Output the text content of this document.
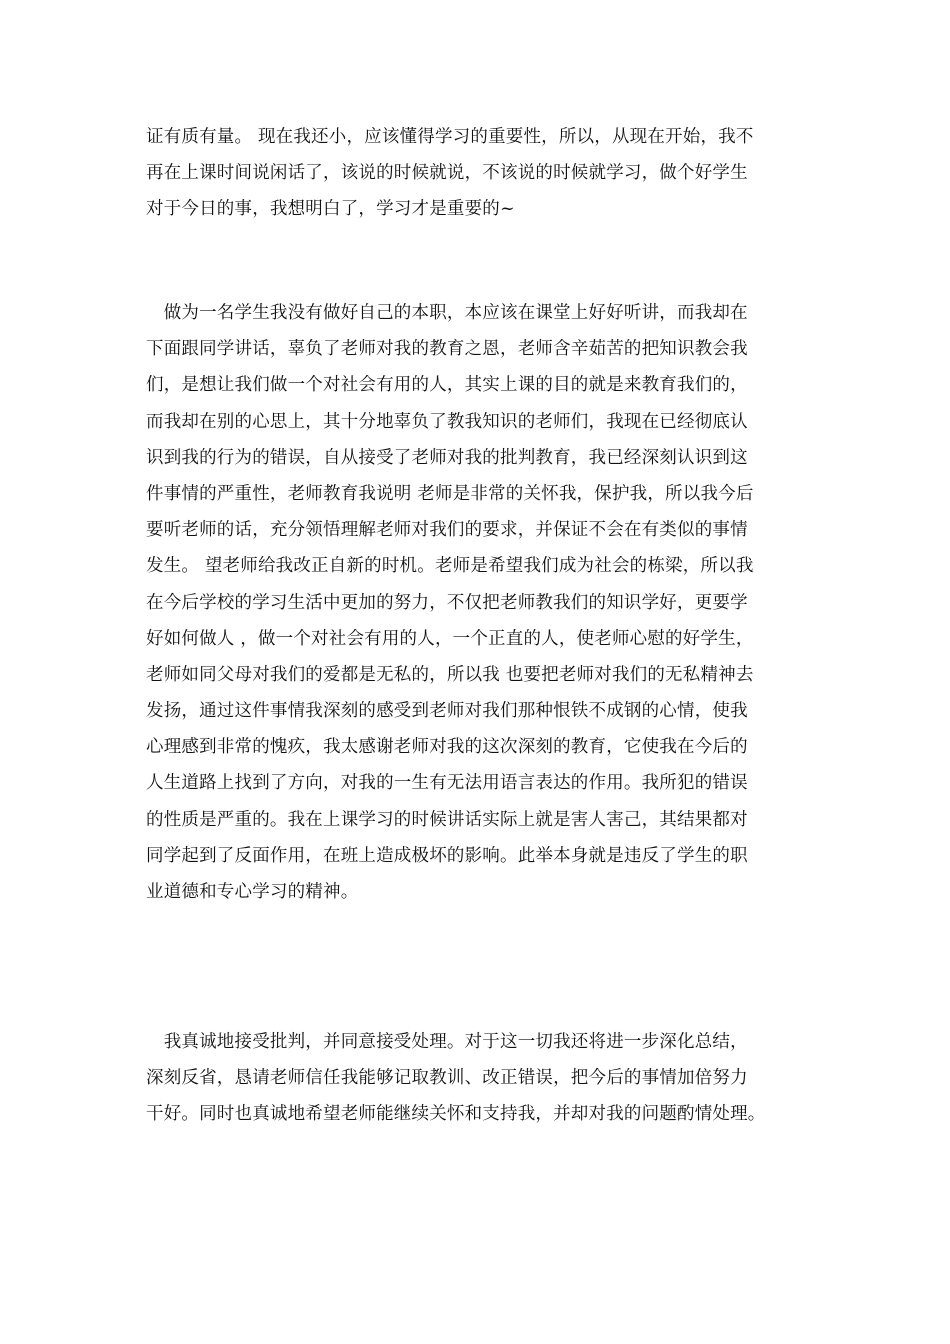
证有质有量。 现在我还小，应该懂得学习的重要性，所以，从现在开始，我不
再在上课时间说闲话了，该说的时候就说，不该说的时候就学习，做个好学生
对于今日的事，我想明白了，学习才是重要的~
　做为一名学生我没有做好自己的本职，本应该在课堂上好好听讲，而我却在
下面跟同学讲话，辜负了老师对我的教育之恩，老师含辛茹苦的把知识教会我
们，是想让我们做一个对社会有用的人，其实上课的目的就是来教育我们的，
而我却在别的心思上，其十分地辜负了教我知识的老师们，我现在已经彻底认
识到我的行为的错误，自从接受了老师对我的批判教育，我已经深刻认识到这
件事情的严重性，老师教育我说明 老师是非常的关怀我，保护我，所以我今后
要听老师的话，充分领悟理解老师对我们的要求，并保证不会在有类似的事情
发生。 望老师给我改正自新的时机。老师是希望我们成为社会的栋梁，所以我
在今后学校的学习生活中更加的努力，不仅把老师教我们的知识学好，更要学
好如何做人 ，做一个对社会有用的人，一个正直的人，使老师心慰的好学生，
老师如同父母对我们的爱都是无私的，所以我 也要把老师对我们的无私精神去
发扬，通过这件事情我深刻的感受到老师对我们那种恨铁不成钢的心情，使我
心理感到非常的愧疚，我太感谢老师对我的这次深刻的教育，它使我在今后的
人生道路上找到了方向，对我的一生有无法用语言表达的作用。我所犯的错误
的性质是严重的。我在上课学习的时候讲话实际上就是害人害己，其结果都对
同学起到了反面作用，在班上造成极坏的影响。此举本身就是违反了学生的职
业道德和专心学习的精神。
　我真诚地接受批判，并同意接受处理。对于这一切我还将进一步深化总结，
深刻反省，恳请老师信任我能够记取教训、改正错误，把今后的事情加倍努力
干好。同时也真诚地希望老师能继续关怀和支持我，并却对我的问题酌情处理。
